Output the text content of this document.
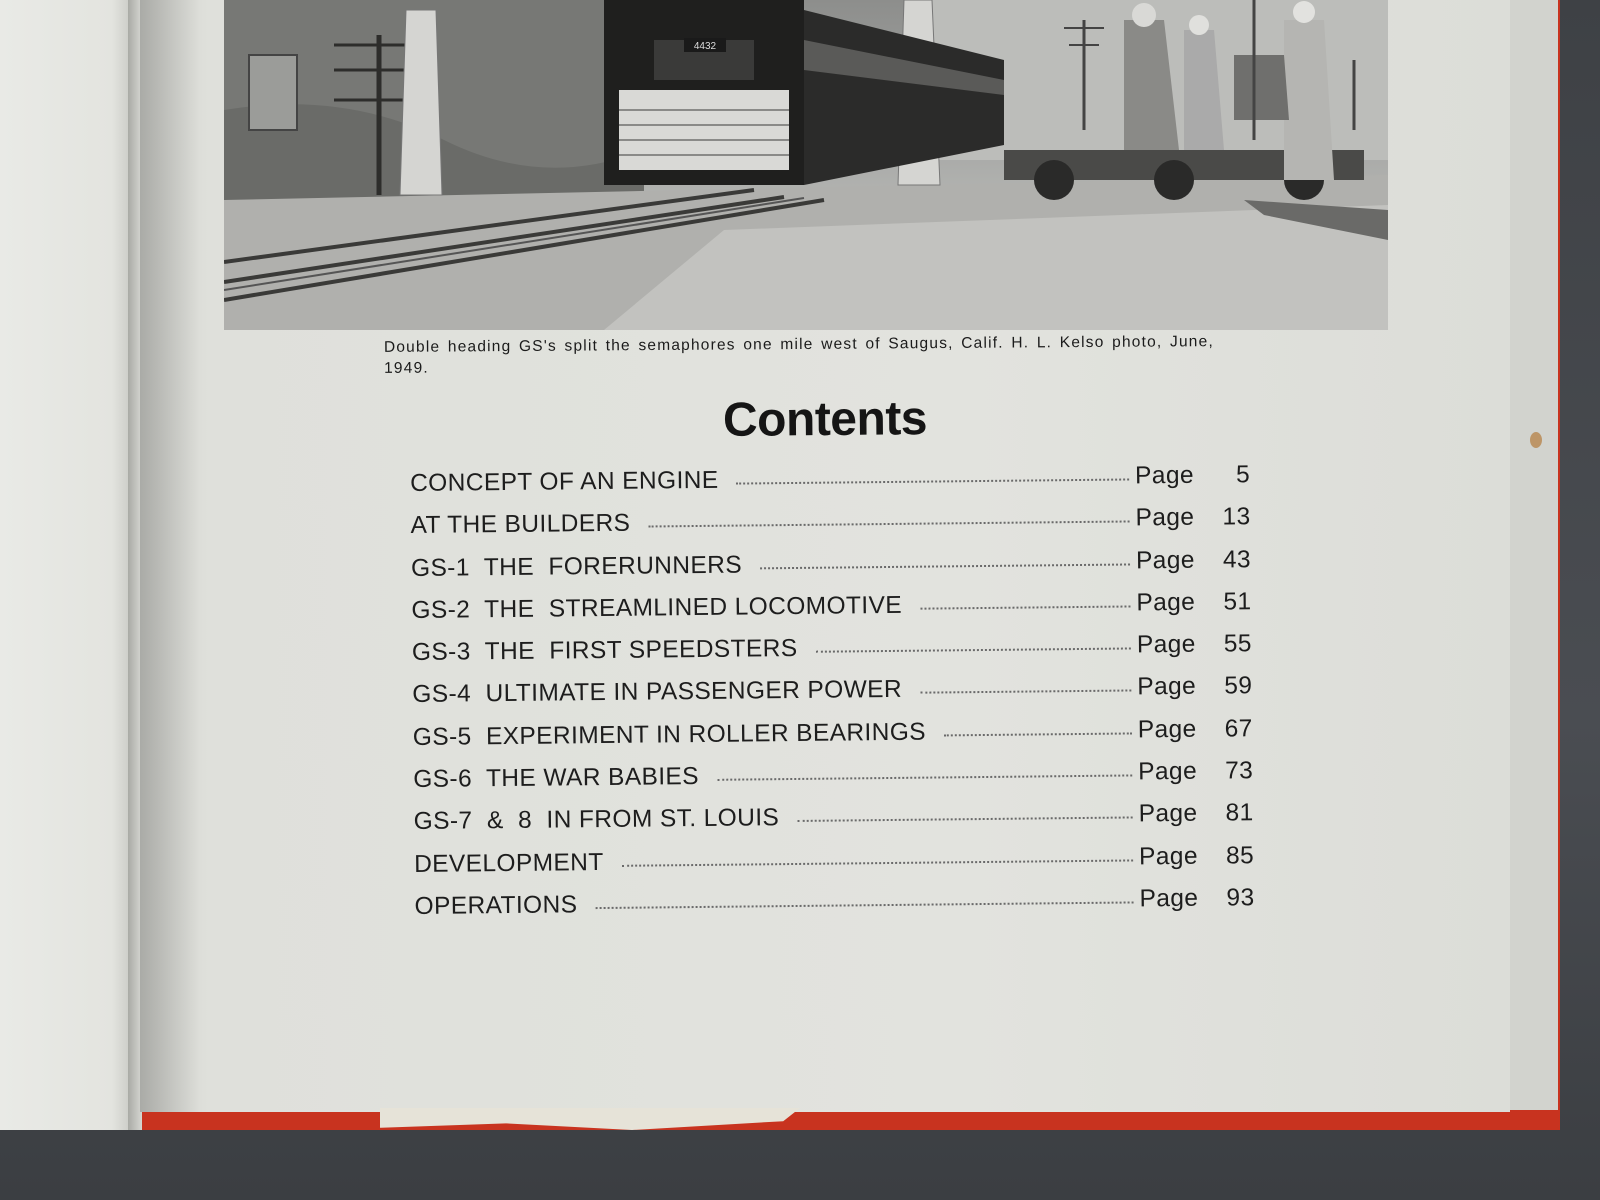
4432
Double heading GS's split the semaphores one mile west of Saugus, Calif. H. L. Kelso photo, June, 1949.
Contents
CONCEPT OF AN ENGINE	Page	5
AT THE BUILDERS	Page	13
GS-1  THE  FORERUNNERS	Page	43
GS-2  THE  STREAMLINED LOCOMOTIVE	Page	51
GS-3  THE  FIRST SPEEDSTERS	Page	55
GS-4  ULTIMATE IN PASSENGER POWER	Page	59
GS-5  EXPERIMENT IN ROLLER BEARINGS	Page	67
GS-6  THE WAR BABIES	Page	73
GS-7  &  8  IN FROM ST. LOUIS	Page	81
DEVELOPMENT	Page	85
OPERATIONS	Page	93
